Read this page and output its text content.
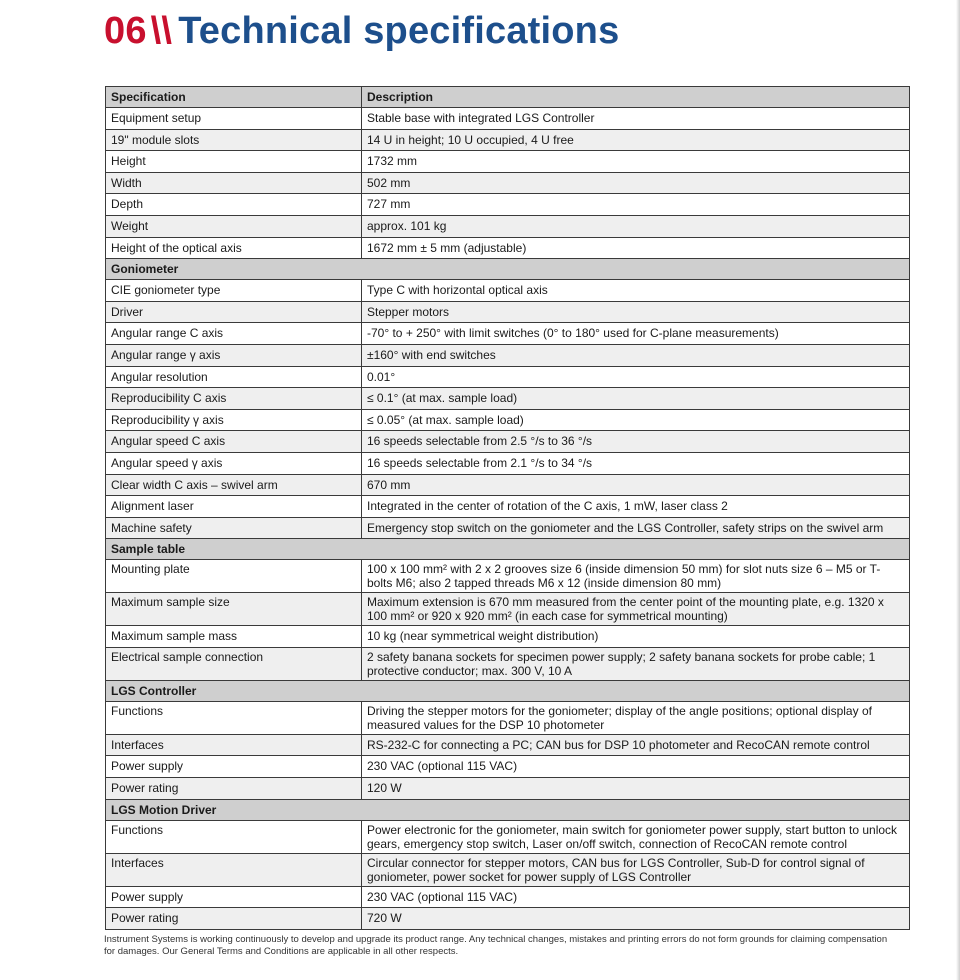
06 \\ Technical specifications
Specification	Description
Equipment setup	Stable base with integrated LGS Controller
19" module slots	14 U in height; 10 U occupied, 4 U free
Height	1732 mm
Width	502 mm
Depth	727 mm
Weight	approx. 101 kg
Height of the optical axis	1672 mm ± 5 mm (adjustable)
Goniometer	
CIE goniometer type	Type C with horizontal optical axis
Driver	Stepper motors
Angular range C axis	-70° to + 250° with limit switches (0° to 180° used for C-plane measurements)
Angular range γ axis	±160° with end switches
Angular resolution	0.01°
Reproducibility C axis	≤ 0.1° (at max. sample load)
Reproducibility γ axis	≤ 0.05° (at max. sample load)
Angular speed C axis	16 speeds selectable from 2.5 °/s to 36 °/s
Angular speed γ axis	16 speeds selectable from 2.1 °/s to 34 °/s
Clear width C axis – swivel arm	670 mm
Alignment laser	Integrated in the center of rotation of the C axis, 1 mW, laser class 2
Machine safety	Emergency stop switch on the goniometer and the LGS Controller, safety strips on the swivel arm
Sample table	
Mounting plate	100 x 100 mm² with 2 x 2 grooves size 6 (inside dimension 50 mm) for slot nuts size 6 – M5 or T-bolts M6; also 2 tapped threads M6 x 12 (inside dimension 80 mm)
Maximum sample size	Maximum extension is 670 mm measured from the center point of the mounting plate, e.g. 1320 x 100 mm² or 920 x 920 mm² (in each case for symmetrical mounting)
Maximum sample mass	10 kg (near symmetrical weight distribution)
Electrical sample connection	2 safety banana sockets for specimen power supply; 2 safety banana sockets for probe cable; 1 protective conductor; max. 300 V, 10 A
LGS Controller	
Functions	Driving the stepper motors for the goniometer; display of the angle positions; optional display of measured values for the DSP 10 photometer
Interfaces	RS-232-C for connecting a PC; CAN bus for DSP 10 photometer and RecoCAN remote control
Power supply	230 VAC (optional 115 VAC)
Power rating	120 W
LGS Motion Driver	
Functions	Power electronic for the goniometer, main switch for goniometer power supply, start button to unlock gears, emergency stop switch, Laser on/off switch, connection of RecoCAN remote control
Interfaces	Circular connector for stepper motors, CAN bus for LGS Controller, Sub-D for control signal of goniometer, power socket for power supply of LGS Controller
Power supply	230 VAC (optional 115 VAC)
Power rating	720 W

Instrument Systems is working continuously to develop and upgrade its product range. Any technical changes, mistakes and printing errors do not form grounds for claiming compensation for damages. Our General Terms and Conditions are applicable in all other respects.
